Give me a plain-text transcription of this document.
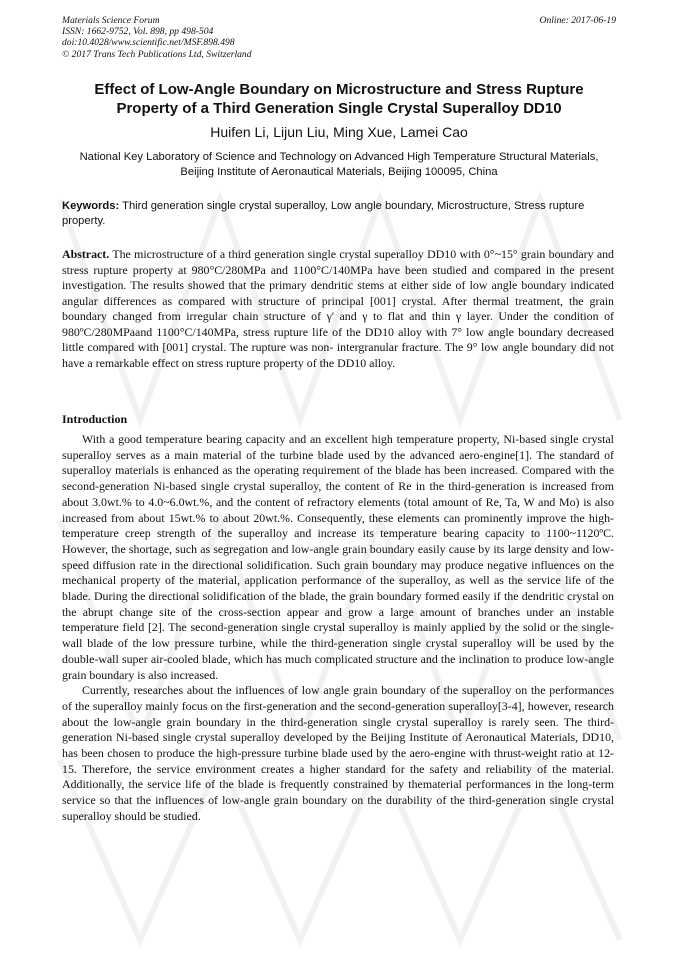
Materials Science Forum
ISSN: 1662-9752, Vol. 898, pp 498-504
doi:10.4028/www.scientific.net/MSF.898.498
© 2017 Trans Tech Publications Ltd, Switzerland
Online: 2017-06-19
Effect of Low-Angle Boundary on Microstructure and Stress Rupture Property of a Third Generation Single Crystal Superalloy DD10
Huifen Li, Lijun Liu, Ming Xue, Lamei Cao
National Key Laboratory of Science and Technology on Advanced High Temperature Structural Materials, Beijing Institute of Aeronautical Materials, Beijing 100095, China
Keywords: Third generation single crystal superalloy, Low angle boundary, Microstructure, Stress rupture property.
Abstract. The microstructure of a third generation single crystal superalloy DD10 with 0°~15° grain boundary and stress rupture property at 980°C/280MPa and 1100°C/140MPa have been studied and compared in the present investigation. The results showed that the primary dendritic stems at either side of low angle boundary indicated angular differences as compared with structure of principal [001] crystal. After thermal treatment, the grain boundary changed from irregular chain structure of γ' and γ to flat and thin γ layer. Under the condition of 980ºC/280MPaand 1100°C/140MPa, stress rupture life of the DD10 alloy with 7° low angle boundary decreased little compared with [001] crystal. The rupture was non- intergranular fracture. The 9° low angle boundary did not have a remarkable effect on stress rupture property of the DD10 alloy.
Introduction

With a good temperature bearing capacity and an excellent high temperature property, Ni-based single crystal superalloy serves as a main material of the turbine blade used by the advanced aero-engine[1]. The standard of superalloy materials is enhanced as the operating requirement of the blade has been increased. Compared with the second-generation Ni-based single crystal superalloy, the content of Re in the third-generation is increased from about 3.0wt.% to 4.0~6.0wt.%, and the content of refractory elements (total amount of Re, Ta, W and Mo) is also increased from about 15wt.% to about 20wt.%. Consequently, these elements can prominently improve the high-temperature creep strength of the superalloy and increase its temperature bearing capacity to 1100~1120ºC. However, the shortage, such as segregation and low-angle grain boundary easily cause by its large density and low-speed diffusion rate in the directional solidification. Such grain boundary may produce negative influences on the mechanical property of the material, application performance of the superalloy, as well as the service life of the blade. During the directional solidification of the blade, the grain boundary formed easily if the dendritic crystal on the abrupt change site of the cross-section appear and grow a large amount of branches under an instable temperature field [2]. The second-generation single crystal superalloy is mainly applied by the solid or the single-wall blade of the low pressure turbine, while the third-generation single crystal superalloy will be used by the double-wall super air-cooled blade, which has much complicated structure and the inclination to produce low-angle grain boundary is also increased.

Currently, researches about the influences of low angle grain boundary of the superalloy on the performances of the superalloy mainly focus on the first-generation and the second-generation superalloy[3-4], however, research about the low-angle grain boundary in the third-generation single crystal superalloy is rarely seen. The third-generation Ni-based single crystal superalloy developed by the Beijing Institute of Aeronautical Materials, DD10, has been chosen to produce the high-pressure turbine blade used by the aero-engine with thrust-weight ratio at 12-15. Therefore, the service environment creates a higher standard for the safety and reliability of the material. Additionally, the service life of the blade is frequently constrained by thematerial performances in the long-term service so that the influences of low-angle grain boundary on the durability of the third-generation single crystal superalloy should be studied.
